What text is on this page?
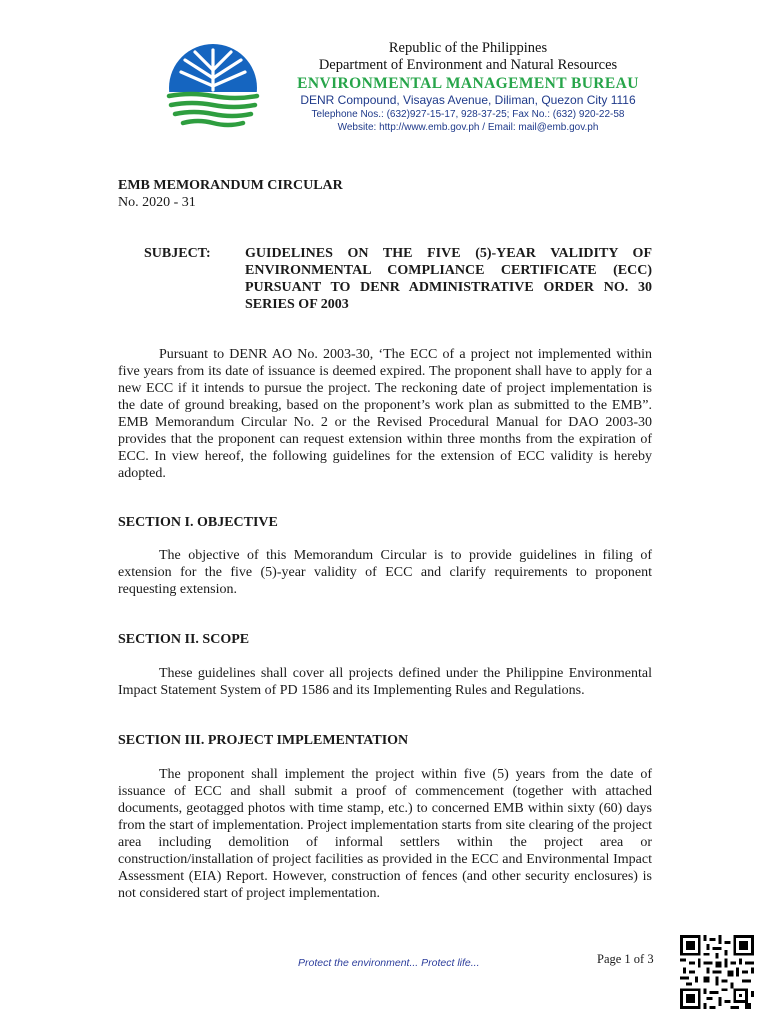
Republic of the Philippines
Department of Environment and Natural Resources
ENVIRONMENTAL MANAGEMENT BUREAU
DENR Compound, Visayas Avenue, Diliman, Quezon City 1116
Telephone Nos.: (632)927-15-17, 928-37-25; Fax No.: (632) 920-22-58
Website: http://www.emb.gov.ph / Email: mail@emb.gov.ph
EMB MEMORANDUM CIRCULAR
No. 2020 - 31
SUBJECT: GUIDELINES ON THE FIVE (5)-YEAR VALIDITY OF ENVIRONMENTAL COMPLIANCE CERTIFICATE (ECC) PURSUANT TO DENR ADMINISTRATIVE ORDER NO. 30 SERIES OF 2003
Pursuant to DENR AO No. 2003-30, ‘The ECC of a project not implemented within five years from its date of issuance is deemed expired. The proponent shall have to apply for a new ECC if it intends to pursue the project. The reckoning date of project implementation is the date of ground breaking, based on the proponent’s work plan as submitted to the EMB”. EMB Memorandum Circular No. 2 or the Revised Procedural Manual for DAO 2003-30 provides that the proponent can request extension within three months from the expiration of ECC. In view hereof, the following guidelines for the extension of ECC validity is hereby adopted.
SECTION I. OBJECTIVE
The objective of this Memorandum Circular is to provide guidelines in filing of extension for the five (5)-year validity of ECC and clarify requirements to proponent requesting extension.
SECTION II. SCOPE
These guidelines shall cover all projects defined under the Philippine Environmental Impact Statement System of PD 1586 and its Implementing Rules and Regulations.
SECTION III. PROJECT IMPLEMENTATION
The proponent shall implement the project within five (5) years from the date of issuance of ECC and shall submit a proof of commencement (together with attached documents, geotagged photos with time stamp, etc.) to concerned EMB within sixty (60) days from the start of implementation. Project implementation starts from site clearing of the project area including demolition of informal settlers within the project area or construction/installation of project facilities as provided in the ECC and Environmental Impact Assessment (EIA) Report. However, construction of fences (and other security enclosures) is not considered start of project implementation.
Protect the environment... Protect life...	Page 1 of 3
